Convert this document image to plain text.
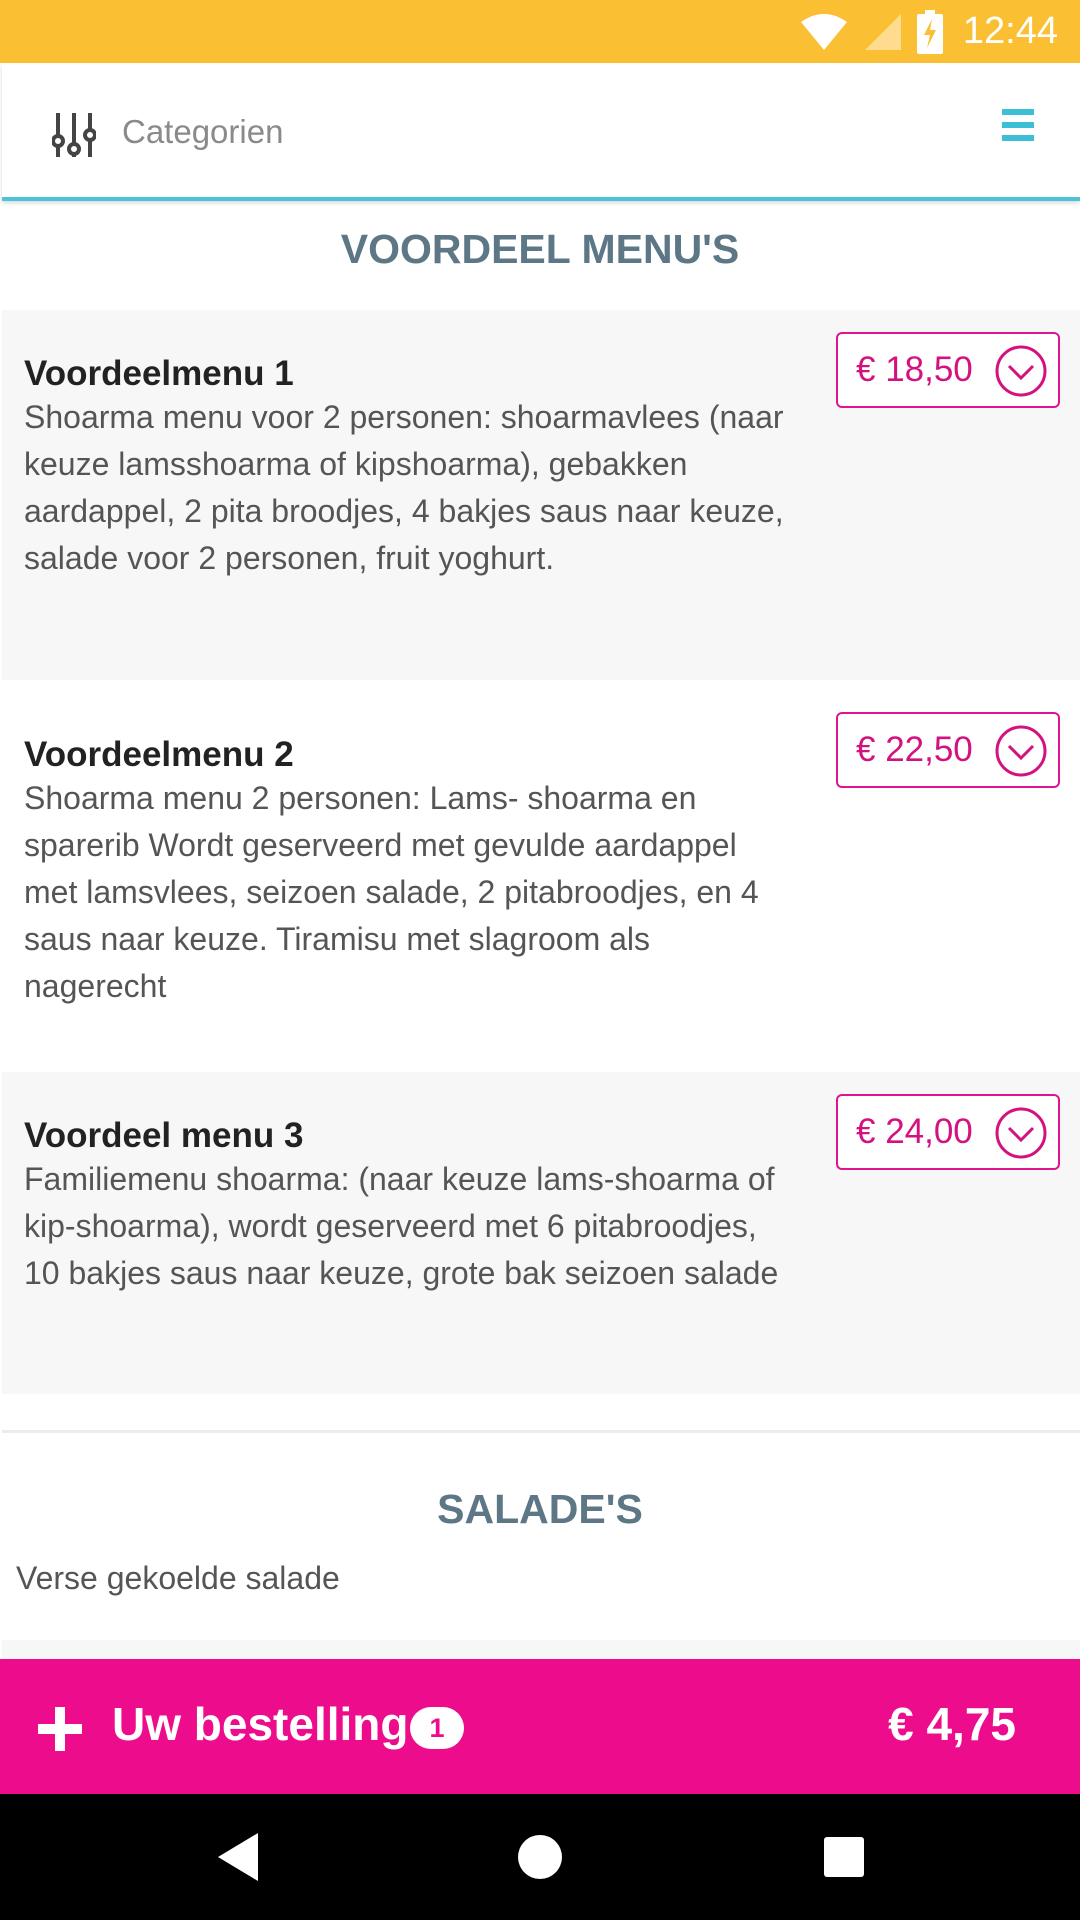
12:44
Categorien
VOORDEEL MENU'S
Voordeelmenu 1
Shoarma menu voor 2 personen: shoarmavlees (naar keuze lamsshoarma of kipshoarma), gebakken aardappel, 2 pita broodjes, 4 bakjes saus naar keuze, salade voor 2 personen, fruit yoghurt.
€ 18,50
Voordeelmenu 2
Shoarma menu 2 personen: Lams- shoarma en sparerib Wordt geserveerd met gevulde aardappel met lamsvlees, seizoen salade, 2 pitabroodjes, en 4 saus naar keuze. Tiramisu met slagroom als nagerecht
€ 22,50
Voordeel menu 3
Familiemenu shoarma: (naar keuze lams-shoarma of kip-shoarma), wordt geserveerd met 6 pitabroodjes, 10 bakjes saus naar keuze, grote bak seizoen salade
€ 24,00
SALADE'S
Verse gekoelde salade
Uw bestelling 1	€ 4,75
